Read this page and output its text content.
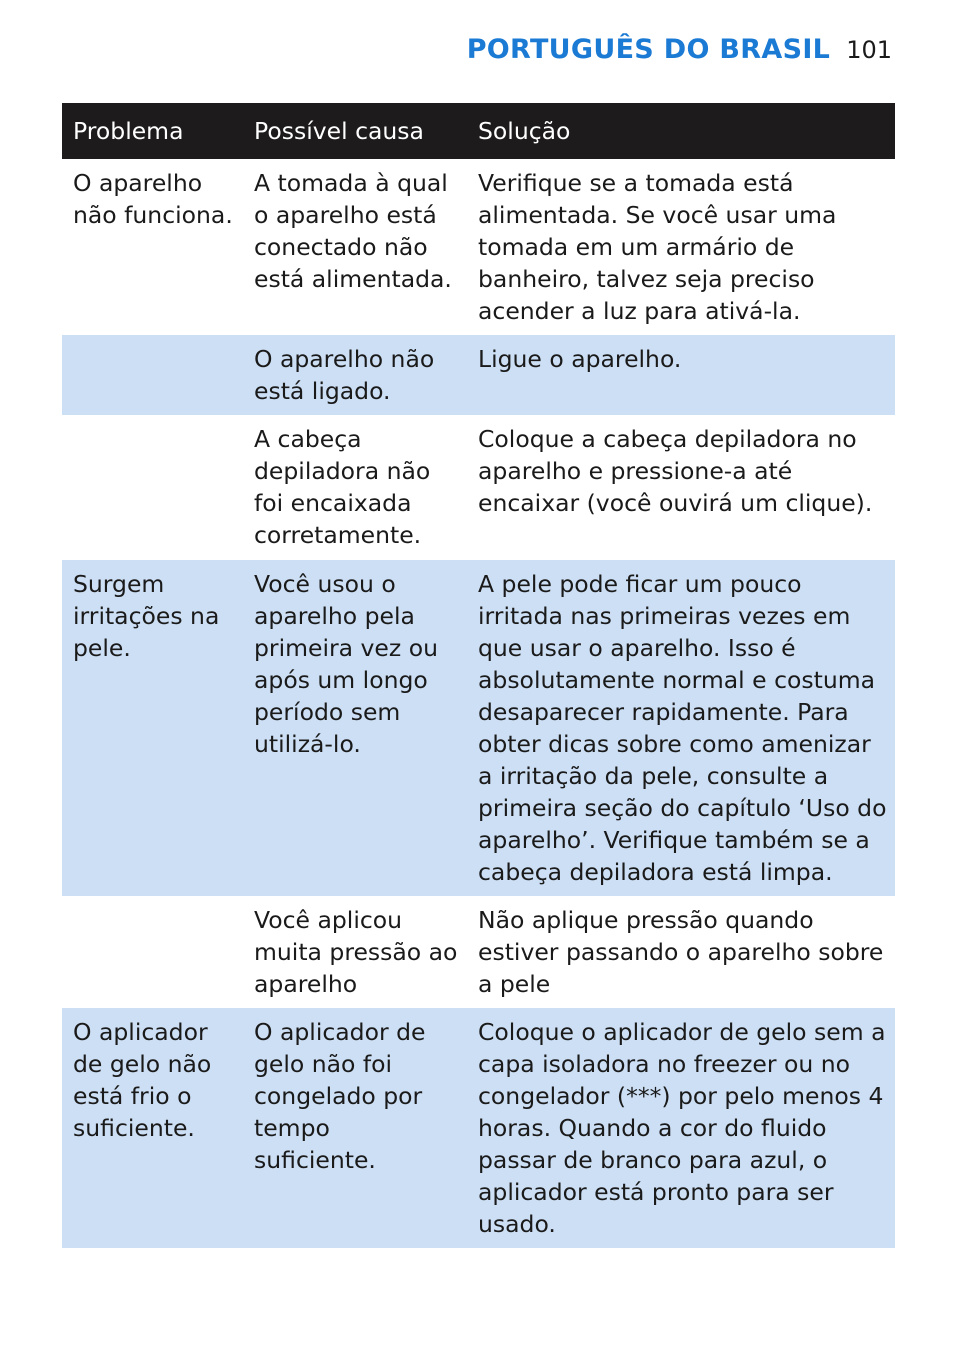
PORTUGUÊS DO BRASIL 101
Problema	Possível causa	Solução
O aparelho não funciona.	A tomada à qual o aparelho está conectado não está alimentada.	Verifique se a tomada está alimentada. Se você usar uma tomada em um armário de banheiro, talvez seja preciso acender a luz para ativá-la.
	O aparelho não está ligado.	Ligue o aparelho.
	A cabeça depiladora não foi encaixada corretamente.	Coloque a cabeça depiladora no aparelho e pressione-a até encaixar (você ouvirá um clique).
Surgem irritações na pele.	Você usou o aparelho pela primeira vez ou após um longo período sem utilizá-lo.	A pele pode ficar um pouco irritada nas primeiras vezes em que usar o aparelho. Isso é absolutamente normal e costuma desaparecer rapidamente. Para obter dicas sobre como amenizar a irritação da pele, consulte a primeira seção do capítulo ‘Uso do aparelho’. Verifique também se a cabeça depiladora está limpa.
	Você aplicou muita pressão ao aparelho	Não aplique pressão quando estiver passando o aparelho sobre a pele
O aplicador de gelo não está frio o suficiente.	O aplicador de gelo não foi congelado por tempo suficiente.	Coloque o aplicador de gelo sem a capa isoladora no freezer ou no congelador (***) por pelo menos 4 horas. Quando a cor do fluido passar de branco para azul, o aplicador está pronto para ser usado.
